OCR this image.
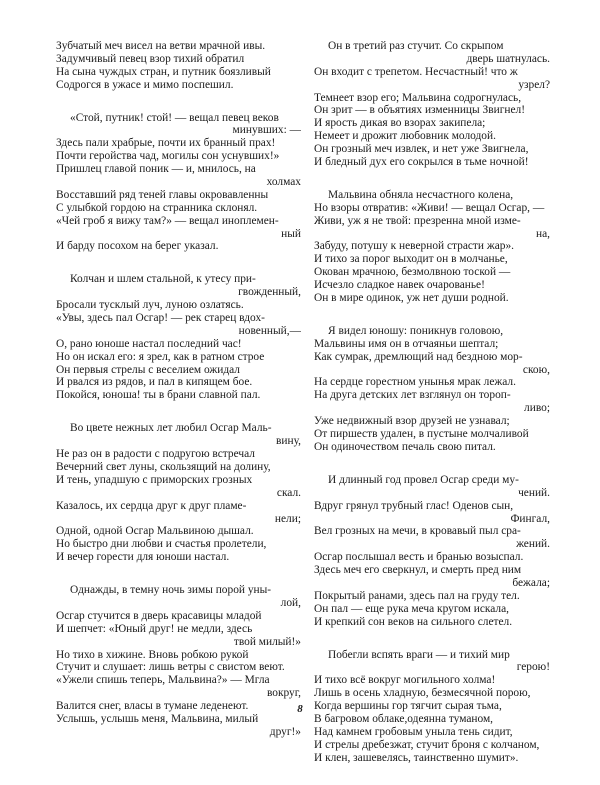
Зубчатый меч висел на ветви мрачной ивы.
Задумчивый певец взор тихий обратил
На сына чуждых стран, и путник боязливый
Содрогся в ужасе и мимо поспешил.
«Стой, путник! стой! — вещал певец веков
минувших: —
Здесь пали храбрые, почти их бранный прах!
Почти геройства чад, могилы сон уснувших!»
Пришлец главой поник — и, мнилось, на
холмах
Восставший ряд теней главы окровавленны
С улыбкой гордою на странника склонял.
«Чей гроб я вижу там?» — вещал иноплемен-
ный
И барду посохом на берег указал.
Колчан и шлем стальной, к утесу при-
гвожденный,
Бросали тусклый луч, луною озлатясь.
«Увы, здесь пал Осгар! — рек старец вдох-
новенный,—
О, рано юноше настал последний час!
Но он искал его: я зрел, как в ратном строе
Он первыя стрелы с веселием ожидал
И рвался из рядов, и пал в кипящем бое.
Покойся, юноша! ты в брани славной пал.
Во цвете нежных лет любил Осгар Маль-
вину,
Не раз он в радости с подругою встречал
Вечерний свет луны, скользящий на долину,
И тень, упадшую с приморских грозных
скал.
Казалось, их сердца друг к друг пламе-
нели;
Одной, одной Осгар Мальвиною дышал.
Но быстро дни любви и счастья пролетели,
И вечер горести для юноши настал.
Однажды, в темну ночь зимы порой уны-
лой,
Осгар стучится в дверь красавицы младой
И шепчет: «Юный друг! не медли, здесь
твой милый!»
Но тихо в хижине. Вновь робкою рукой
Стучит и слушает: лишь ветры с свистом веют.
«Ужели спишь теперь, Мальвина?» — Мгла
вокруг,
Валится снег, власы в тумане леденеют.
Услышь, услышь меня, Мальвина, милый
друг!»
Он в третий раз стучит. Со скрыпом
дверь шатнулась.
Он входит с трепетом. Несчастный! что ж
узрел?
Темнеет взор его; Мальвина содрогнулась,
Он зрит — в объятиях изменницы Звигнел!
И ярость дикая во взорах закипела;
Немеет и дрожит любовник молодой.
Он грозный меч извлек, и нет уже Звигнела,
И бледный дух его сокрылся в тьме ночной!
Мальвина обняла несчастного колена,
Но взоры отвратив: «Живи! — вещал Осгар, —
Живи, уж я не твой: презренна мной изме-
на,
Забуду, потушу к неверной страсти жар».
И тихо за порог выходит он в молчанье,
Окован мрачною, безмолвною тоской —
Исчезло сладкое навек очарованье!
Он в мире одинок, уж нет души родной.
Я видел юношу: поникнув головою,
Мальвины имя он в отчаяньи шептал;
Как сумрак, дремлющий над бездною мор-
скою,
На сердце горестном унынья мрак лежал.
На друга детских лет взглянул он тороп-
ливо;
Уже недвижный взор друзей не узнавал;
От пиршеств удален, в пустыне молчаливой
Он одиночеством печаль свою питал.
И длинный год провел Осгар среди му-
чений.
Вдруг грянул трубный глас! Оденов сын,
Фингал,
Вел грозных на мечи, в кровавый пыл сра-
жений.
Осгар послышал весть и бранью возыспал.
Здесь меч его сверкнул, и смерть пред ним
бежала;
Покрытый ранами, здесь пал на груду тел.
Он пал — еще рука меча кругом искала,
И крепкий сон веков на сильного слетел.
Побегли вспять враги — и тихий мир
герою!
И тихо всё вокруг могильного холма!
Лишь в осень хладную, безмесячной порою,
Когда вершины гор тягчит сырая тьма,
В багровом облаке,одеянна туманом,
Над камнем гробовым уныла тень сидит,
И стрелы дребезжат, стучит броня с колчаном,
И клен, зашевелясь, таинственно шумит».
8
